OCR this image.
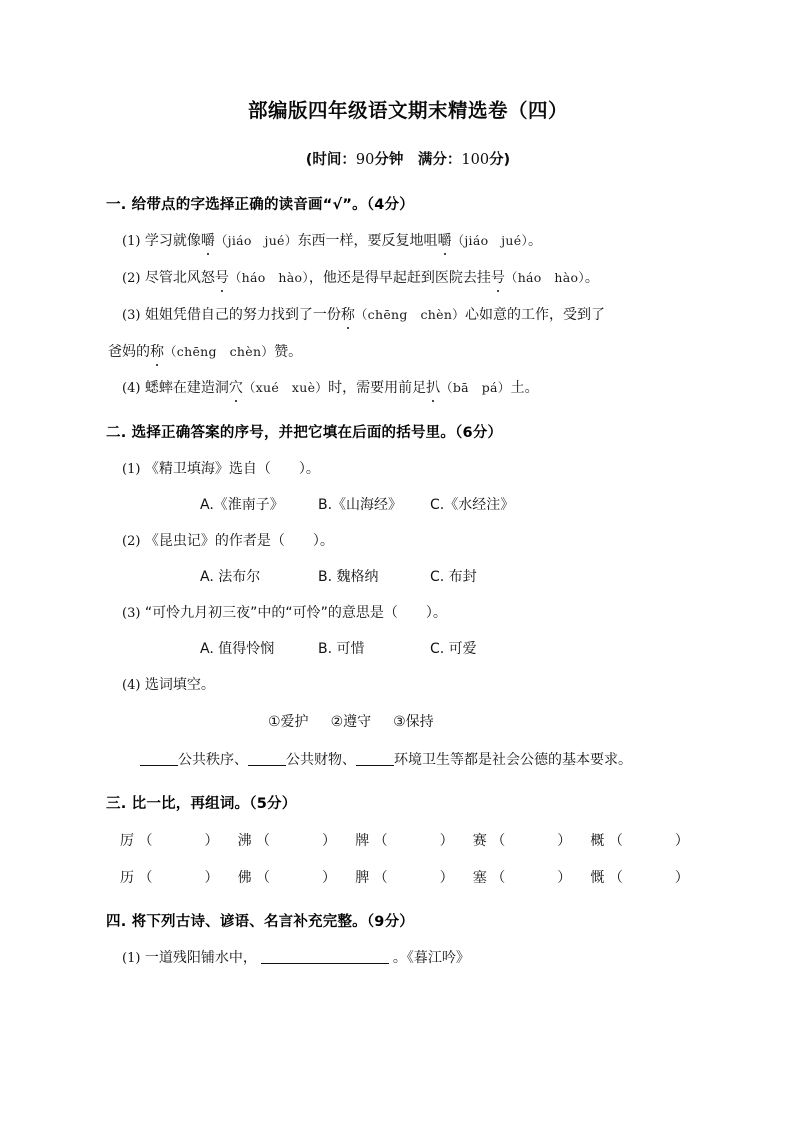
部编版四年级语文期末精选卷（四）
(时间：90分钟　 满分：100分)
一. 给带点的字选择正确的读音画“√”。（4分）
(1) 学习就像嚼（jiáo　jué）东西一样，要反复地咀嚼（jiáo　jué）。
(2) 尽管北风怒号（háo　hào），他还是得早起赶到医院去挂号（háo　hào）。
(3) 姐姐凭借自己的努力找到了一份称（chēng　chèn）心如意的工作，受到了
爸妈的称（chēng　chèn）赞。
(4) 蟋蟀在建造洞穴（xué　xuè）时，需要用前足扒（bā　pá）土。
二. 选择正确答案的序号，并把它填在后面的括号里。（6分）
(1) 《精卫填海》选自（　　）。
A.《淮南子》 B.《山海经》 C.《水经注》
(2) 《昆虫记》的作者是（　　）。
A. 法布尔	B. 魏格纳	C. 布封
(3) “可怜九月初三夜”中的“可怜”的意思是（　　）。
A. 值得怜悯	B. 可惜	C. 可爱
(4) 选词填空。
①爱护 ②遵守 ③保持
公共秩序、	公共财物、	环境卫生等都是社会公德的基本要求。
三. 比一比，再组词。（5分）
厉 （	）	沸 （	）	牌 （	）	赛 （	）	概 （	）
历 （	）	佛 （	）	脾 （	）	塞 （	）	慨 （	）
四. 将下列古诗、谚语、名言补充完整。（9分）
(1) 一道残阳铺水中，	。《暮江吟》
